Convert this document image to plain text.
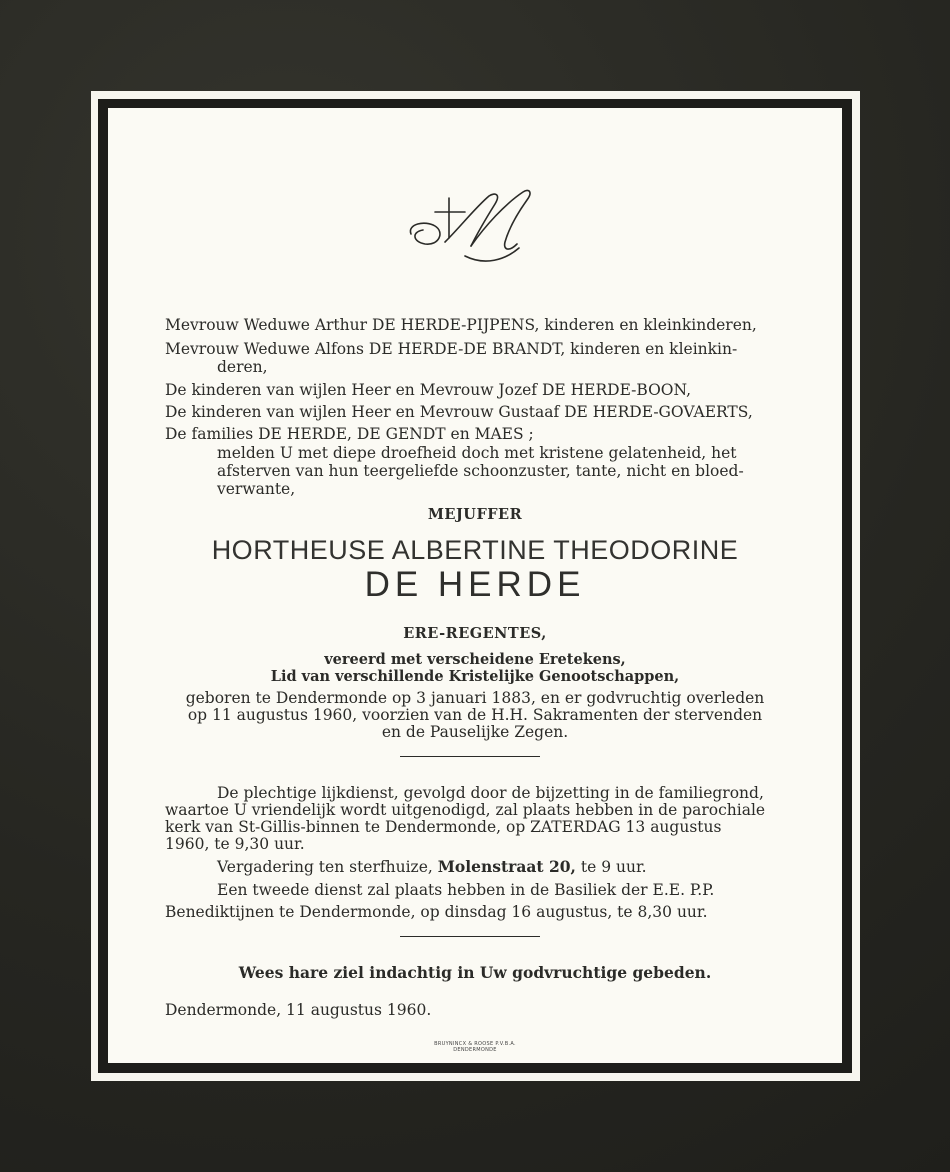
Mevrouw Weduwe Arthur DE HERDE-PIJPENS, kinderen en kleinkinderen,

Mevrouw Weduwe Alfons DE HERDE-DE BRANDT, kinderen en kleinkin-

deren,

De kinderen van wijlen Heer en Mevrouw Jozef DE HERDE-BOON,

De kinderen van wijlen Heer en Mevrouw Gustaaf DE HERDE-GOVAERTS,

De families DE HERDE, DE GENDT en MAES ;

melden U met diepe droefheid doch met kristene gelatenheid, het

afsterven van hun teergeliefde schoonzuster, tante, nicht en bloed-

verwante,

MEJUFFER

HORTHEUSE ALBERTINE THEODORINE

DE HERDE

ERE-REGENTES,

vereerd met verscheidene Eretekens,

Lid van verschillende Kristelijke Genootschappen,

geboren te Dendermonde op 3 januari 1883, en er godvruchtig overleden

op 11 augustus 1960, voorzien van de H.H. Sakramenten der stervenden

en de Pauselijke Zegen.

De plechtige lijkdienst, gevolgd door de bijzetting in de familiegrond,

waartoe U vriendelijk wordt uitgenodigd, zal plaats hebben in de parochiale

kerk van St-Gillis-binnen te Dendermonde, op ZATERDAG 13 augustus

1960, te 9,30 uur.

Vergadering ten sterfhuize, Molenstraat 20, te 9 uur.

Een tweede dienst zal plaats hebben in de Basiliek der E.E. P.P.

Benediktijnen te Dendermonde, op dinsdag 16 augustus, te 8,30 uur.

Wees hare ziel indachtig in Uw godvruchtige gebeden.

Dendermonde, 11 augustus 1960.

BRUYNINCX & ROOSE P.V.B.A.
DENDERMONDE
